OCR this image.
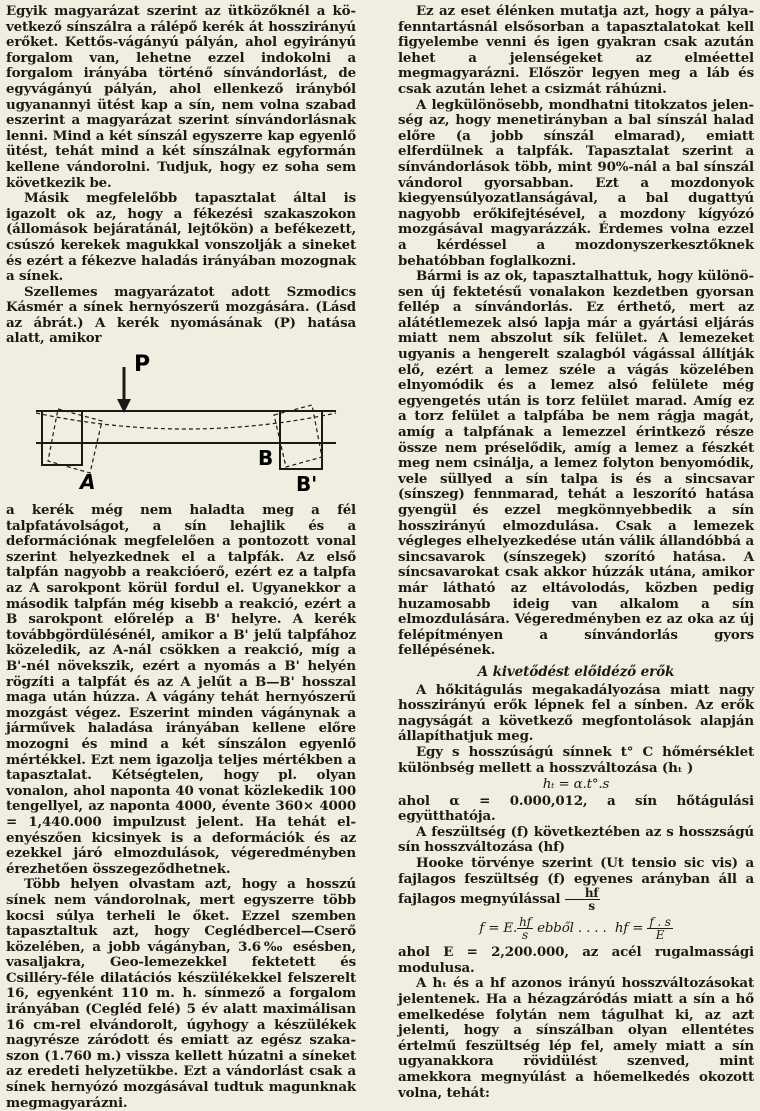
Egyik magyarázat szerint az ütközőknél a következő sínszálra a rálépő kerék át hosszirányú erőket. Kettős-vágányú pályán, ahol egyirányú forgalom van, lehetne ezzel indokolni a forgalom irányába történő sínvándorlást, de egyvágányú pályán, ahol ellenkező irányból ugyanannyi ütést kap a sín, nem volna szabad eszerint a magyarázat szerint sínvándorlásnak lenni. Mind a két sínszál egyszerre kap egyenlő ütést, tehát mind a két sínszálnak egyformán kellene vándorolni. Tudjuk, hogy ez soha sem következik be.

Másik megfelelőbb tapasztalat által is igazolt ok az, hogy a fékezési szakaszokon (állomások bejáratánál, lejtőkön) a befékezett, csúszó kerekek magukkal vonszolják a sineket és ezért a fékezve haladás irányában mozognak a sínek.

Szellemes magyarázatot adott Szmodics Kásmér a sínek hernyószerű mozgására. (Lásd az ábrát.) A kerék nyomásának (P) hatása alatt, amikor

P
A
B
B'

a kerék még nem haladta meg a fél talpfatávolságot, a sín lehajlik és a deformációnak megfelelően a pontozott vonal szerint helyezkednek el a talpfák. Az első talpfán nagyobb a reakcióerő, ezért ez a talpfa az A sarokpont körül fordul el. Ugyanekkor a második talpfán még kisebb a reakció, ezért a B sarokpont előrelép a B' helyre. A kerék továbbgördülésénél, amikor a B' jelű talpfához közeledik, az A-nál csökken a reakció, míg a B'-nél növekszik, ezért a nyomás a B' helyén rögzíti a talpfát és az A jelűt a B—B' hosszal maga után húzza. A vágány tehát hernyószerű mozgást végez. Eszerint minden vágánynak a járművek haladása irányában kellene előre mozogni és mind a két sínszálon egyenlő mértékkel. Ezt nem igazolja teljes mértékben a tapasztalat. Kétségtelen, hogy pl. olyan vonalon, ahol naponta 40 vonat közlekedik 100 tengellyel, az naponta 4000, évente 360× 4000 = 1,440.000 impulzust jelent. Ha tehát elenyészően kicsinyek is a deformációk és az ezekkel járó elmozdulások, végeredményben érezhetően összegeződhetnek.

Több helyen olvastam azt, hogy a hosszú sínek nem vándorolnak, mert egyszerre több kocsi súlya terheli le őket. Ezzel szemben tapasztaltuk azt, hogy Ceglédbercel—Cserő közelében, a jobb vágányban, 3.6‰ esésben, vasaljakra, Geo-lemezekkel fektetett és Csilléry-féle dilatációs készülékekkel felszerelt 16, egyenként 110 m. h. sínmező a forgalom irányában (Cegléd felé) 5 év alatt maximálisan 16 cm-rel elvándorolt, úgyhogy a készülékek nagyrésze záródott és emiatt az egész szakaszon (1.760 m.) vissza kellett húzatni a síneket az eredeti helyzetükbe. Ezt a vándorlást csak a sínek hernyózó mozgásával tudtuk magunknak megmagyarázni.

Ez az eset élénken mutatja azt, hogy a pályafenntartásnál elsősorban a tapasztalatokat kell figyelembe venni és igen gyakran csak azután lehet a jelenségeket az elméettel megmagyarázni. Először legyen meg a láb és csak azután lehet a csizmát ráhúzni.

A legkülönösebb, mondhatni titokzatos jelenség az, hogy menetirányban a bal sínszál halad előre (a jobb sínszál elmarad), emiatt elferdülnek a talpfák. Tapasztalat szerint a sínvándorlások több, mint 90%-nál a bal sínszál vándorol gyorsabban. Ezt a mozdonyok kiegyensúlyozatlanságával, a bal dugattyú nagyobb erőkifejtésével, a mozdony kígyózó mozgásával magyarázzák. Érdemes volna ezzel a kérdéssel a mozdonyszerkesztőknek behatóbban foglalkozni.

Bármi is az ok, tapasztalhattuk, hogy különösen új fektetésű vonalakon kezdetben gyorsan fellép a sínvándorlás. Ez érthető, mert az alátétlemezek alsó lapja már a gyártási eljárás miatt nem abszolut sík felület. A lemezeket ugyanis a hengerelt szalagból vágással állítják elő, ezért a lemez széle a vágás közelében elnyomódik és a lemez alsó felülete még egyengetés után is torz felület marad. Amíg ez a torz felület a talpfába be nem rágja magát, amíg a talpfának a lemezzel érintkező része össze nem préselődik, amíg a lemez a fészkét meg nem csinálja, a lemez folyton benyomódik, vele süllyed a sín talpa is és a sincsavar (sínszeg) fennmarad, tehát a leszorító hatása gyengül és ezzel megkönnyebbedik a sín hosszirányú elmozdulása. Csak a lemezek végleges elhelyezkedése után válik állandóbbá a sincsavarok (sínszegek) szorító hatása. A síncsavarokat csak akkor húzzák utána, amikor már látható az eltávolodás, közben pedig huzamosabb ideig van alkalom a sín elmozdulására. Végeredményben ez az oka az új felépítményen a sínvándorlás gyors fellépésének.

A kivetődést előidéző erők

A hőkitágulás megakadályozása miatt nagy hosszirányú erők lépnek fel a sínben. Az erők nagyságát a következő megfontolások alapján állapíthatjuk meg.

Egy s hosszúságú sínnek t° C hőmérséklet különbség mellett a hosszváltozása (hₜ )

hₜ = α.t°.s

ahol α = 0.000,012, a sín hőtágulási együtthatója.

A feszültség (f) következtében az s hosszságú sín hosszváltozása (hf)

Hooke törvénye szerint (Ut tensio sic vis) a fajlagos feszültség (f) egyenes arányban áll a fajlagos megnyúlással $\frac{hf}{s}$

f = E. $\frac{hf}{s}$ ebből . . . . hf = $\frac{f . s}{E}$

ahol E = 2,200.000, az acél rugalmassági modulusa.

A hₜ és a hf azonos irányú hosszváltozásokat jelentenek. Ha a hézagzáródás miatt a sín a hő emelkedése folytán nem tágulhat ki, az azt jelenti, hogy a sínszálban olyan ellentétes értelmű feszültség lép fel, amely miatt a sín ugyanakkora rövidülést szenved, mint amekkora megnyúlást a hőemelkedés okozott volna, tehát:
